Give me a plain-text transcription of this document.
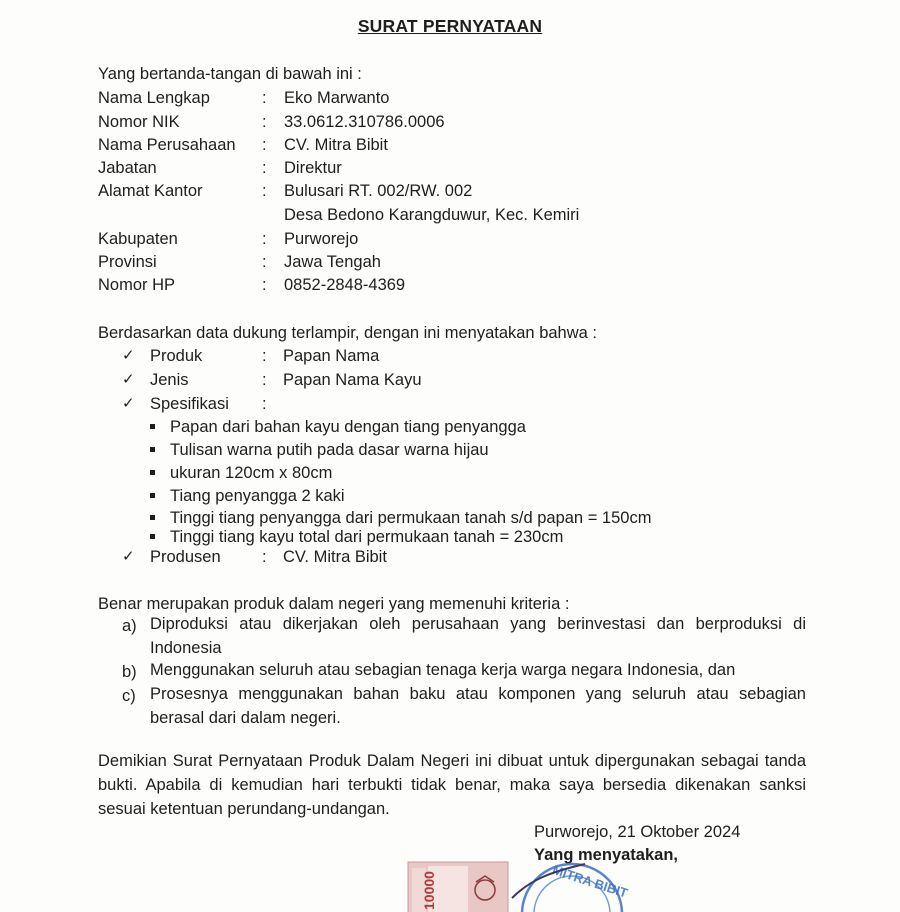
SURAT PERNYATAAN
Yang bertanda-tangan di bawah ini :
Nama Lengkap	: Eko Marwanto
Nomor NIK	: 33.0612.310786.0006
Nama Perusahaan : CV. Mitra Bibit
Jabatan	: Direktur
Alamat Kantor	: Bulusari RT. 002/RW. 002
Desa Bedono Karangduwur, Kec. Kemiri
Kabupaten	: Purworejo
Provinsi	: Jawa Tengah
Nomor HP	: 0852-2848-4369
Berdasarkan data dukung terlampir, dengan ini menyatakan bahwa :
✓ Produk	: Papan Nama
✓ Jenis	: Papan Nama Kayu
✓ Spesifikasi :
Papan dari bahan kayu dengan tiang penyangga
Tulisan warna putih pada dasar warna hijau
ukuran 120cm x 80cm
Tiang penyangga 2 kaki
Tinggi tiang penyangga dari permukaan tanah s/d papan = 150cm
Tinggi tiang kayu total dari permukaan tanah = 230cm
✓ Produsen	: CV. Mitra Bibit
Benar merupakan produk dalam negeri yang memenuhi kriteria :
a) Diproduksi atau dikerjakan oleh perusahaan yang berinvestasi dan berproduksi di Indonesia
b) Menggunakan seluruh atau sebagian tenaga kerja warga negara Indonesia, dan
c) Prosesnya menggunakan bahan baku atau komponen yang seluruh atau sebagian berasal dari dalam negeri.
Demikian Surat Pernyataan Produk Dalam Negeri ini dibuat untuk dipergunakan sebagai tanda bukti. Apabila di kemudian hari terbukti tidak benar, maka saya bersedia dikenakan sanksi sesuai ketentuan perundang-undangan.
Purworejo, 21 Oktober 2024
Yang menyatakan,
10000	MITRA BIBIT
